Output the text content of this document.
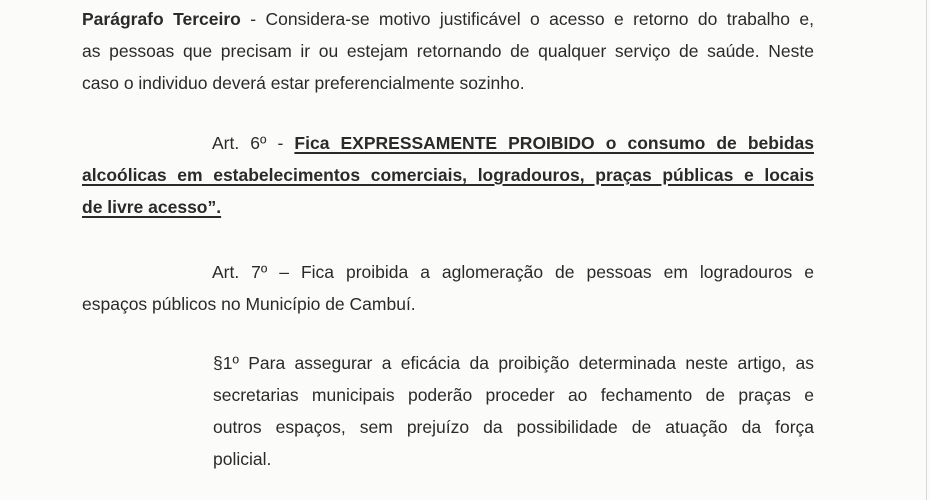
Parágrafo Terceiro - Considera-se motivo justificável o acesso e retorno do trabalho e,
as pessoas que precisam ir ou estejam retornando de qualquer serviço de saúde. Neste
caso o individuo deverá estar preferencialmente sozinho.
Art. 6º - Fica EXPRESSAMENTE PROIBIDO o consumo de bebidas
alcoólicas em estabelecimentos comerciais, logradouros, praças públicas e locais
de livre acesso”.
Art. 7º – Fica proibida a aglomeração de pessoas em logradouros e
espaços públicos no Município de Cambuí.
§1º Para assegurar a eficácia da proibição determinada neste artigo, as
secretarias municipais poderão proceder ao fechamento de praças e
outros espaços, sem prejuízo da possibilidade de atuação da força
policial.
